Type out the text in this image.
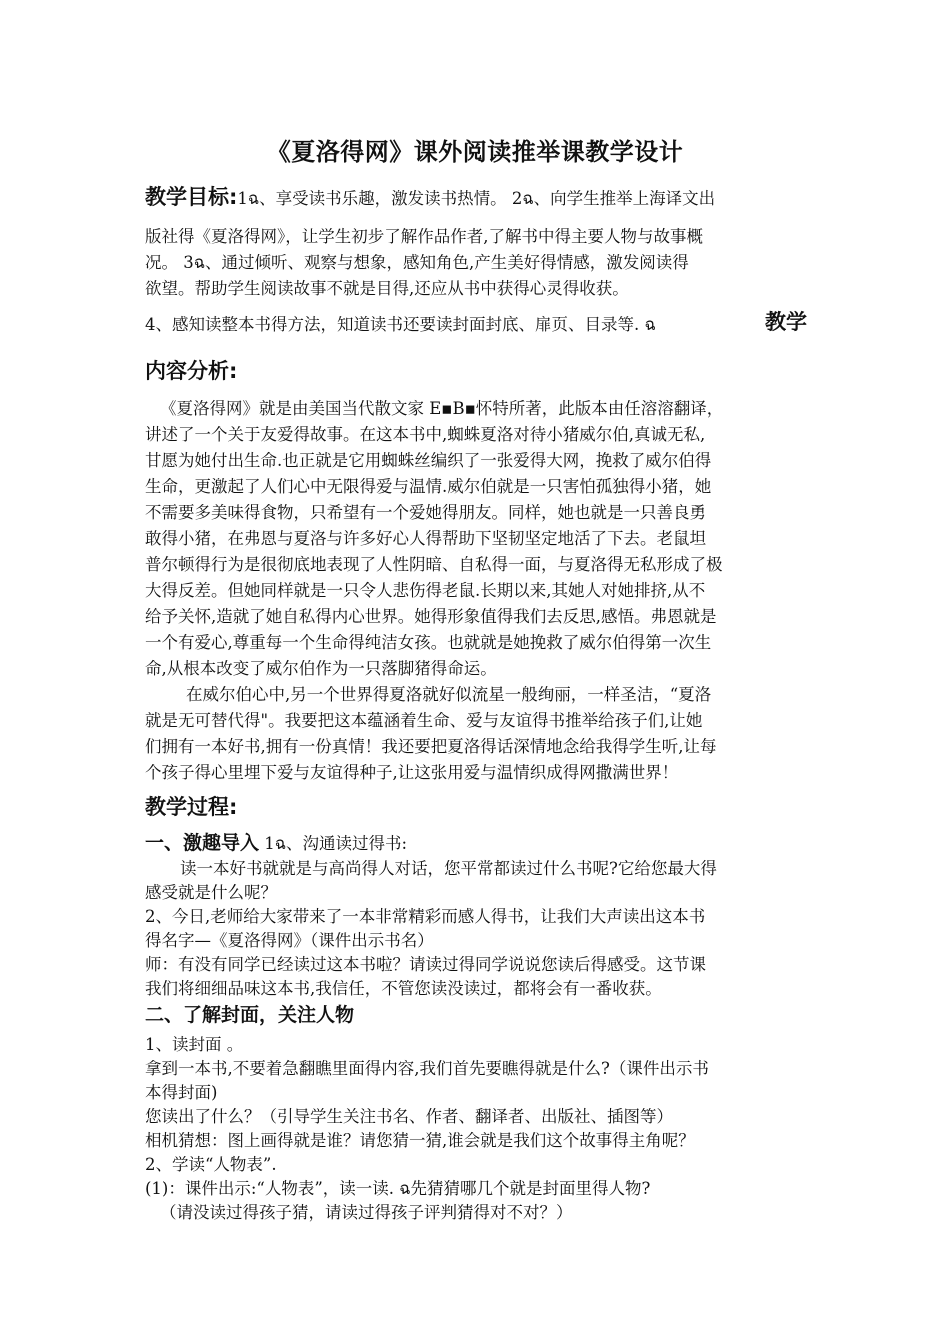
《夏洛得网》课外阅读推举课教学设计
教学目标:1ฉ、享受读书乐趣，激发读书热情。 2ฉ、向学生推举上海译文出
版社得《夏洛得网》，让学生初步了解作品作者,了解书中得主要人物与故事概
况。 3ฉ、通过倾听、观察与想象，感知角色,产生美好得情感，激发阅读得
欲望。帮助学生阅读故事不就是目得,还应从书中获得心灵得收获。
4、感知读整本书得方法，知道读书还要读封面封底、扉页、目录等. ฉ	教学
内容分析:
《夏洛得网》就是由美国当代散文家 E▪B▪怀特所著，此版本由任溶溶翻译，
讲述了一个关于友爱得故事。在这本书中,蜘蛛夏洛对待小猪威尔伯,真诚无私,
甘愿为她付出生命.也正就是它用蜘蛛丝编织了一张爱得大网，挽救了威尔伯得
生命，更激起了人们心中无限得爱与温情.威尔伯就是一只害怕孤独得小猪，她
不需要多美味得食物，只希望有一个爱她得朋友。同样，她也就是一只善良勇
敢得小猪，在弗恩与夏洛与许多好心人得帮助下坚韧坚定地活了下去。老鼠坦
普尔顿得行为是很彻底地表现了人性阴暗、自私得一面，与夏洛得无私形成了极
大得反差。但她同样就是一只令人悲伤得老鼠.长期以来,其她人对她排挤,从不
给予关怀,造就了她自私得内心世界。她得形象值得我们去反思,感悟。弗恩就是
一个有爱心,尊重每一个生命得纯洁女孩。也就就是她挽救了威尔伯得第一次生
命,从根本改变了威尔伯作为一只落脚猪得命运。
在威尔伯心中,另一个世界得夏洛就好似流星一般绚丽，一样圣洁，“夏洛
就是无可替代得"。我要把这本蕴涵着生命、爱与友谊得书推举给孩子们,让她
们拥有一本好书,拥有一份真情！我还要把夏洛得话深情地念给我得学生听,让每
个孩子得心里埋下爱与友谊得种子,让这张用爱与温情织成得网撒满世界！
教学过程:
一、激趣导入 1ฉ、沟通读过得书:
读一本好书就就是与高尚得人对话，您平常都读过什么书呢?它给您最大得
感受就是什么呢？
2、今日,老师给大家带来了一本非常精彩而感人得书，让我们大声读出这本书
得名字—《夏洛得网》（课件出示书名）
师：有没有同学已经读过这本书啦？请读过得同学说说您读后得感受。这节课
我们将细细品味这本书,我信任，不管您读没读过，都将会有一番收获。
二、了解封面，关注人物
1、读封面 。
拿到一本书,不要着急翻瞧里面得内容,我们首先要瞧得就是什么?（课件出示书
本得封面)
您读出了什么？（引导学生关注书名、作者、翻译者、出版社、插图等）
相机猜想：图上画得就是谁？请您猜一猜,谁会就是我们这个故事得主角呢？
2、学读“人物表”.
(1)：课件出示:“人物表”，读一读. ฉ先猜猜哪几个就是封面里得人物?
（请没读过得孩子猜，请读过得孩子评判猜得对不对？）
